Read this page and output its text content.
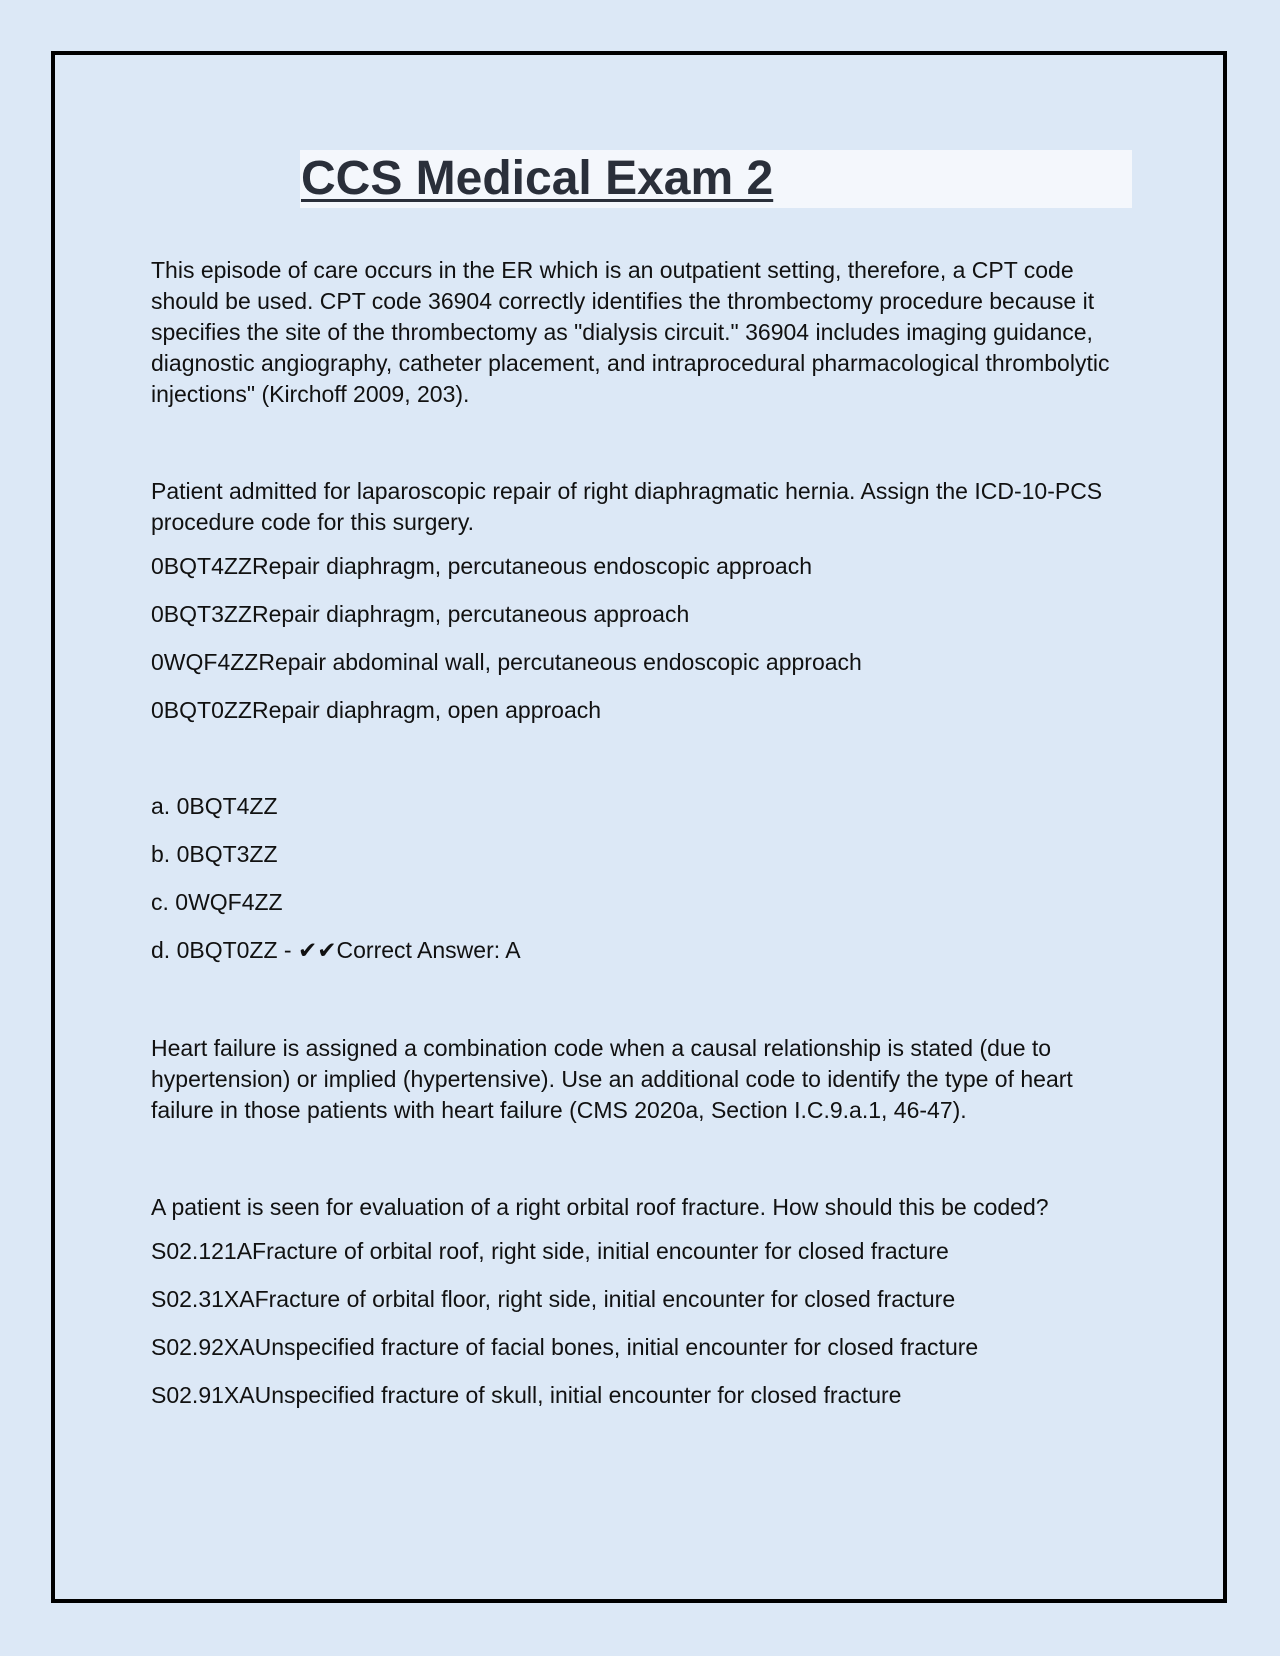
CCS Medical Exam 2

This episode of care occurs in the ER which is an outpatient setting, therefore, a CPT code should be used. CPT code 36904 correctly identifies the thrombectomy procedure because it specifies the site of the thrombectomy as "dialysis circuit." 36904 includes imaging guidance, diagnostic angiography, catheter placement, and intraprocedural pharmacological thrombolytic injections" (Kirchoff 2009, 203).

Patient admitted for laparoscopic repair of right diaphragmatic hernia. Assign the ICD-10-PCS procedure code for this surgery.

0BQT4ZZRepair diaphragm, percutaneous endoscopic approach

0BQT3ZZRepair diaphragm, percutaneous approach

0WQF4ZZRepair abdominal wall, percutaneous endoscopic approach

0BQT0ZZRepair diaphragm, open approach

a. 0BQT4ZZ

b. 0BQT3ZZ

c. 0WQF4ZZ

d. 0BQT0ZZ - ✔✔Correct Answer: A

Heart failure is assigned a combination code when a causal relationship is stated (due to hypertension) or implied (hypertensive). Use an additional code to identify the type of heart failure in those patients with heart failure (CMS 2020a, Section I.C.9.a.1, 46-47).

A patient is seen for evaluation of a right orbital roof fracture. How should this be coded?

S02.121AFracture of orbital roof, right side, initial encounter for closed fracture

S02.31XAFracture of orbital floor, right side, initial encounter for closed fracture

S02.92XAUnspecified fracture of facial bones, initial encounter for closed fracture

S02.91XAUnspecified fracture of skull, initial encounter for closed fracture
